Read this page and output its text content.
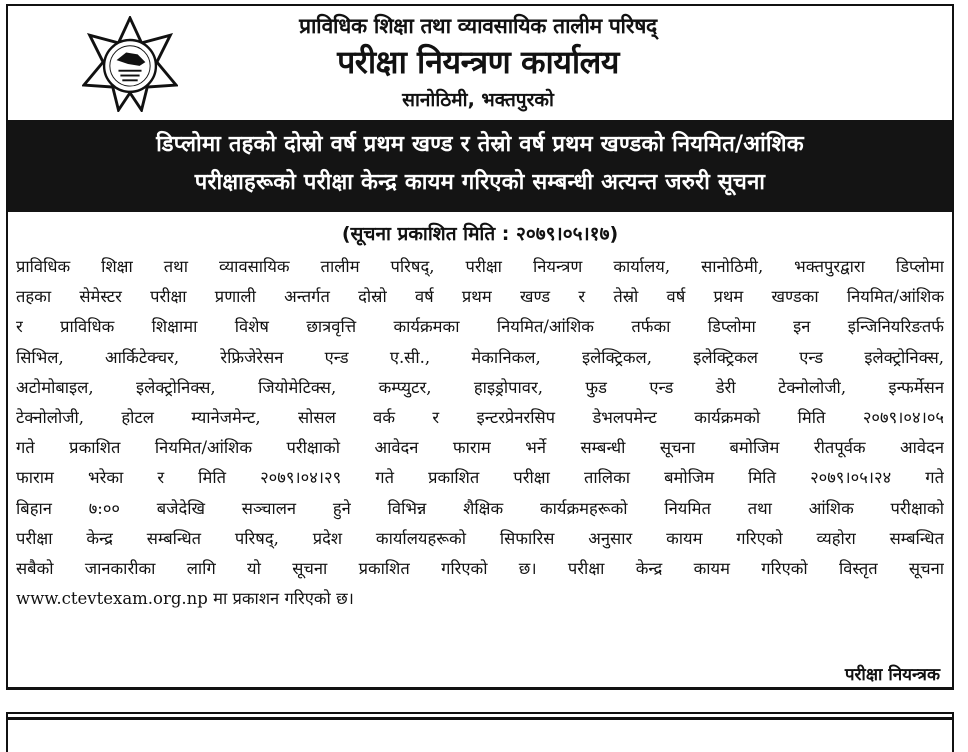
प्राविधिक शिक्षा तथा व्यावसायिक तालीम परिषद्
परीक्षा नियन्त्रण कार्यालय
सानोठिमी, भक्तपुरको
डिप्लोमा तहको दोस्रो वर्ष प्रथम खण्ड र तेस्रो वर्ष प्रथम खण्डको नियमित/आंशिक
परीक्षाहरूको परीक्षा केन्द्र कायम गरिएको सम्बन्धी अत्यन्त जरुरी सूचना
(सूचना प्रकाशित मिति : २०७९।०५।१७)
प्राविधिक शिक्षा तथा व्यावसायिक तालीम परिषद्, परीक्षा नियन्त्रण कार्यालय, सानोठिमी, भक्तपुरद्वारा डिप्लोमा
तहका सेमेस्टर परीक्षा प्रणाली अन्तर्गत दोस्रो वर्ष प्रथम खण्ड र तेस्रो वर्ष प्रथम खण्डका नियमित/आंशिक
र प्राविधिक शिक्षामा विशेष छात्रवृत्ति कार्यक्रमका नियमित/आंशिक तर्फका डिप्लोमा इन इन्जिनियरिङतर्फ
सिभिल, आर्किटेक्चर, रेफ्रिजेरेसन एन्ड ए.सी., मेकानिकल, इलेक्ट्रिकल, इलेक्ट्रिकल एन्ड इलेक्ट्रोनिक्स,
अटोमोबाइल, इलेक्ट्रोनिक्स, जियोमेटिक्स, कम्प्युटर, हाइड्रोपावर, फुड एन्ड डेरी टेक्नोलोजी, इन्फर्मेसन
टेक्नोलोजी, होटल म्यानेजमेन्ट, सोसल वर्क र इन्टरप्रेनरसिप डेभलपमेन्ट कार्यक्रमको मिति २०७९।०४।०५
गते प्रकाशित नियमित/आंशिक परीक्षाको आवेदन फाराम भर्ने सम्बन्धी सूचना बमोजिम रीतपूर्वक आवेदन
फाराम भरेका र मिति २०७९।०४।२९ गते प्रकाशित परीक्षा तालिका बमोजिम मिति २०७९।०५।२४ गते
बिहान ७:०० बजेदेखि सञ्चालन हुने विभिन्न शैक्षिक कार्यक्रमहरूको नियमित तथा आंशिक परीक्षाको
परीक्षा केन्द्र सम्बन्धित परिषद्, प्रदेश कार्यालयहरूको सिफारिस अनुसार कायम गरिएको व्यहोरा सम्बन्धित
सबैको जानकारीका लागि यो सूचना प्रकाशित गरिएको छ। परीक्षा केन्द्र कायम गरिएको विस्तृत सूचना
www.ctevtexam.org.np मा प्रकाशन गरिएको छ।
परीक्षा नियन्त्रक
